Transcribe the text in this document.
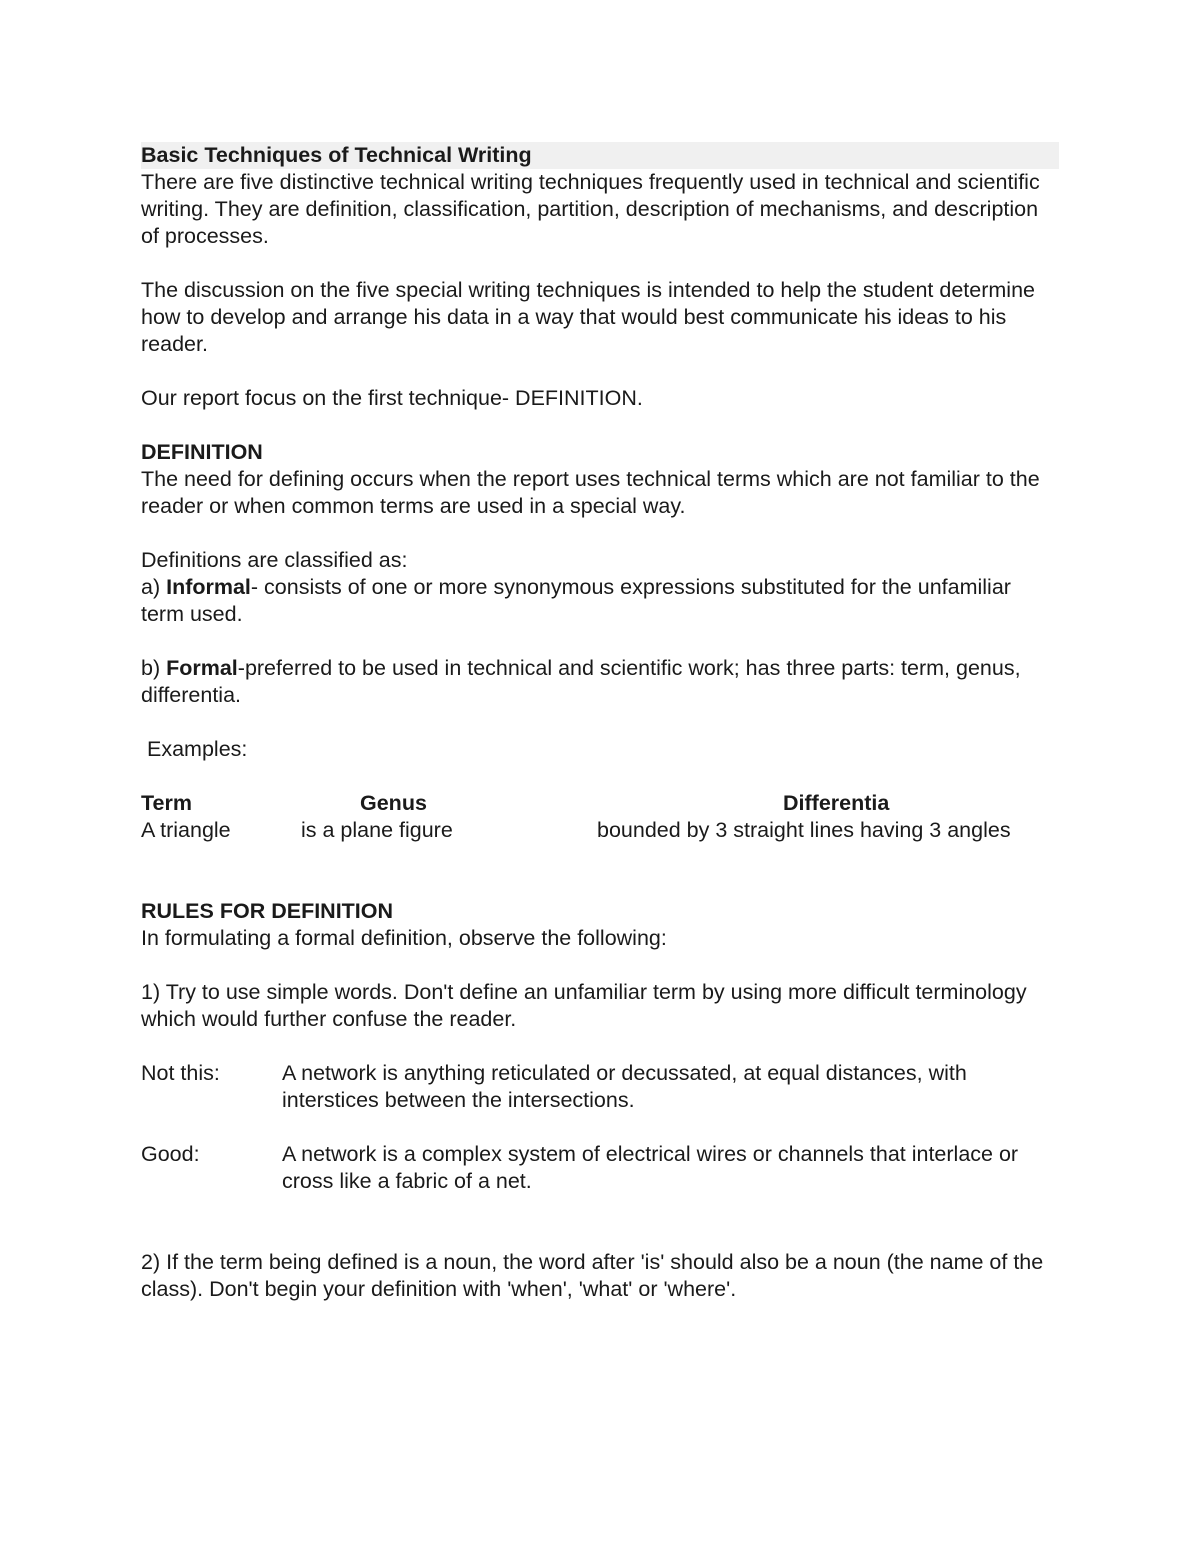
Basic Techniques of Technical Writing

There are five distinctive technical writing techniques frequently used in technical and scientific writing. They are definition, classification, partition, description of mechanisms, and description of processes.

The discussion on the five special writing techniques is intended to help the student determine how to develop and arrange his data in a way that would best communicate his ideas to his reader.

Our report focus on the first technique- DEFINITION.

DEFINITION

The need for defining occurs when the report uses technical terms which are not familiar to the reader or when common terms are used in a special way.

Definitions are classified as:

a) Informal- consists of one or more synonymous expressions substituted for the unfamiliar term used.

b) Formal-preferred to be used in technical and scientific work; has three parts: term, genus, differentia.

Examples:

Term	Genus	Differentia
A triangle	is a plane figure	bounded by 3 straight lines having 3 angles

RULES FOR DEFINITION

In formulating a formal definition, observe the following:

1) Try to use simple words. Don't define an unfamiliar term by using more difficult terminology which would further confuse the reader.

Not this:	A network is anything reticulated or decussated, at equal distances, with interstices between the intersections.
Good:	A network is a complex system of electrical wires or channels that interlace or cross like a fabric of a net.

2) If the term being defined is a noun, the word after 'is' should also be a noun (the name of the class). Don't begin your definition with 'when', 'what' or 'where'.
